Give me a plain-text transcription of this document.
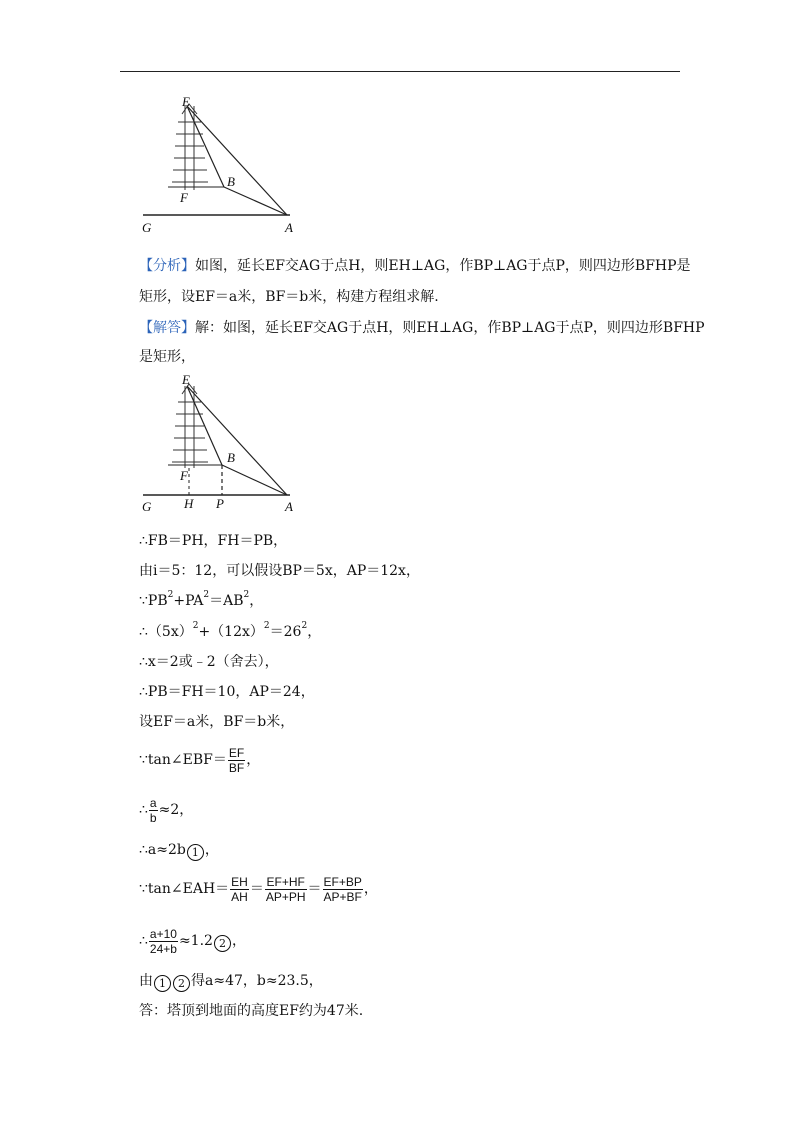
E
B
F
G	A
【分析】如图，延长EF交AG于点H，则EH⊥AG，作BP⊥AG于点P，则四边形BFHP是
矩形，设EF＝a米，BF＝b米，构建方程组求解.
【解答】解：如图，延长EF交AG于点H，则EH⊥AG，作BP⊥AG于点P，则四边形BFHP
是矩形，
E
B
F
G	H P	A
∴FB＝PH，FH＝PB，
由i＝5：12，可以假设BP＝5x，AP＝12x，
$\because PB^2+PA^2=AB^2$，
$\therefore(5x)^2+(12x)^2=26^2$，
∴x＝2或﹣2（舍去），
∴PB＝FH＝10，AP＝24，
设EF＝a米，BF＝b米，
∵tan∠EBF＝ $\frac{EF}{BF}$ ，
∴ $\frac{a}{b} \approx 2$，
∴a≈2b 1 ，
∵tan∠EAH＝ $\frac{EH}{AH} = \frac{EF+HF}{AP+PH} = \frac{EF+BP}{AP+BF}$ ，
∴ $\frac{a+10}{24+b} \approx 1.2$ 2 ，
由 1 2 得a≈47，b≈23.5，
答：塔顶到地面的高度EF约为47米.
